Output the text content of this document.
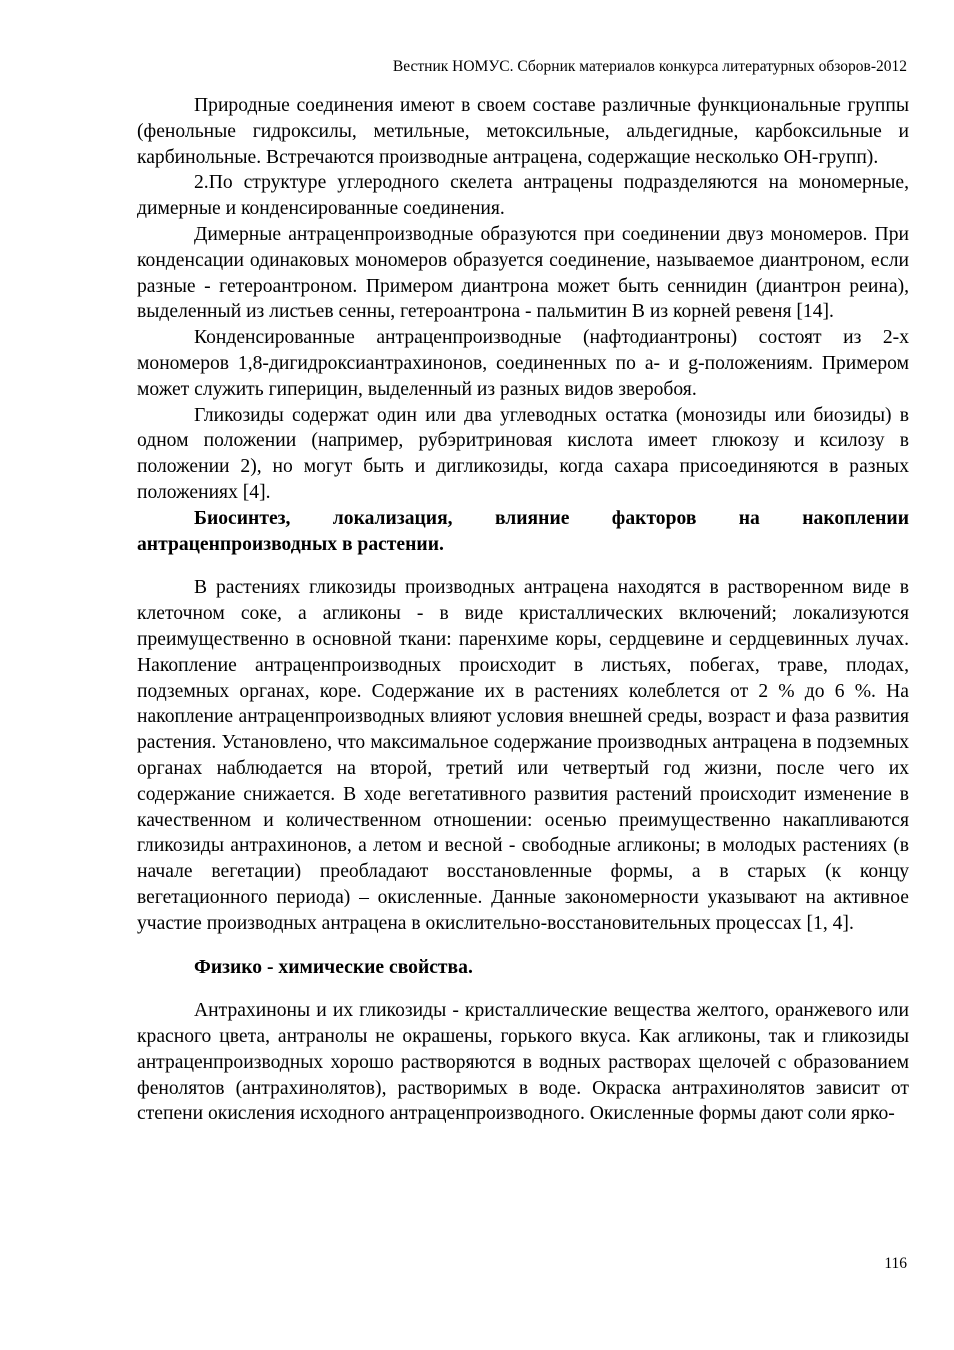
Вестник НОМУС. Сборник материалов конкурса литературных обзоров-2012

Природные соединения имеют в своем составе различные функциональные группы (фенольные гидроксилы, метильные, метоксильные, альдегидные, карбоксильные и карбинольные. Встречаются производные антрацена, содержащие несколько ОН-групп).

2.По структуре углеродного скелета антрацены подразделяются на мономерные, димерные и конденсированные соединения.

Димерные антраценпроизводные образуются при соединении двуз мономеров. При конденсации одинаковых мономеров образуется соединение, называемое диантроном, если разные - гетероантроном. Примером диантрона может быть сеннидин (диантрон реина), выделенный из листьев сенны, гетероантрона - пальмитин В из корней ревеня [14].

Конденсированные антраценпроизводные (нафтодиантроны) состоят из 2-х мономеров 1,8-дигидроксиантрахинонов, соединенных по а- и g-положениям. Примером может служить гиперицин, выделенный из разных видов зверобоя.

Гликозиды содержат один или два углеводных остатка (монозиды или биозиды) в одном положении (например, рубэритриновая кислота имеет глюкозу и ксилозу в положении 2), но могут быть и дигликозиды, когда сахара присоединяются в разных положениях [4].

Биосинтез, локализация, влияние факторов на накоплении антраценпроизводных в растении.

В растениях гликозиды производных антрацена находятся в растворенном виде в клеточном соке, а агликоны - в виде кристаллических включений; локализуются преимущественно в основной ткани: паренхиме коры, сердцевине и сердцевинных лучах. Накопление антраценпроизводных происходит в листьях, побегах, траве, плодах, подземных органах, коре. Содержание их в растениях колеблется от 2 % до 6 %. На накопление антраценпроизводных влияют условия внешней среды, возраст и фаза развития растения. Установлено, что максимальное содержание производных антрацена в подземных органах наблюдается на второй, третий или четвертый год жизни, после чего их содержание снижается. В ходе вегетативного развития растений происходит изменение в качественном и количественном отношении: осенью преимущественно накапливаются гликозиды антрахинонов, а летом и весной - свободные агликоны; в молодых растениях (в начале вегетации) преобладают восстановленные формы, а в старых (к концу вегетационного периода) – окисленные. Данные закономерности указывают на активное участие производных антрацена в окислительно-восстановительных процессах [1, 4].

Физико - химические свойства.

Антрахиноны и их гликозиды - кристаллические вещества желтого, оранжевого или красного цвета, антранолы не окрашены, горького вкуса. Как агликоны, так и гликозиды антраценпроизводных хорошо растворяются в водных растворах щелочей с образованием фенолятов (антрахинолятов), растворимых в воде. Окраска антрахинолятов зависит от степени окисления исходного антраценпроизводного. Окисленные формы дают соли ярко-

116
